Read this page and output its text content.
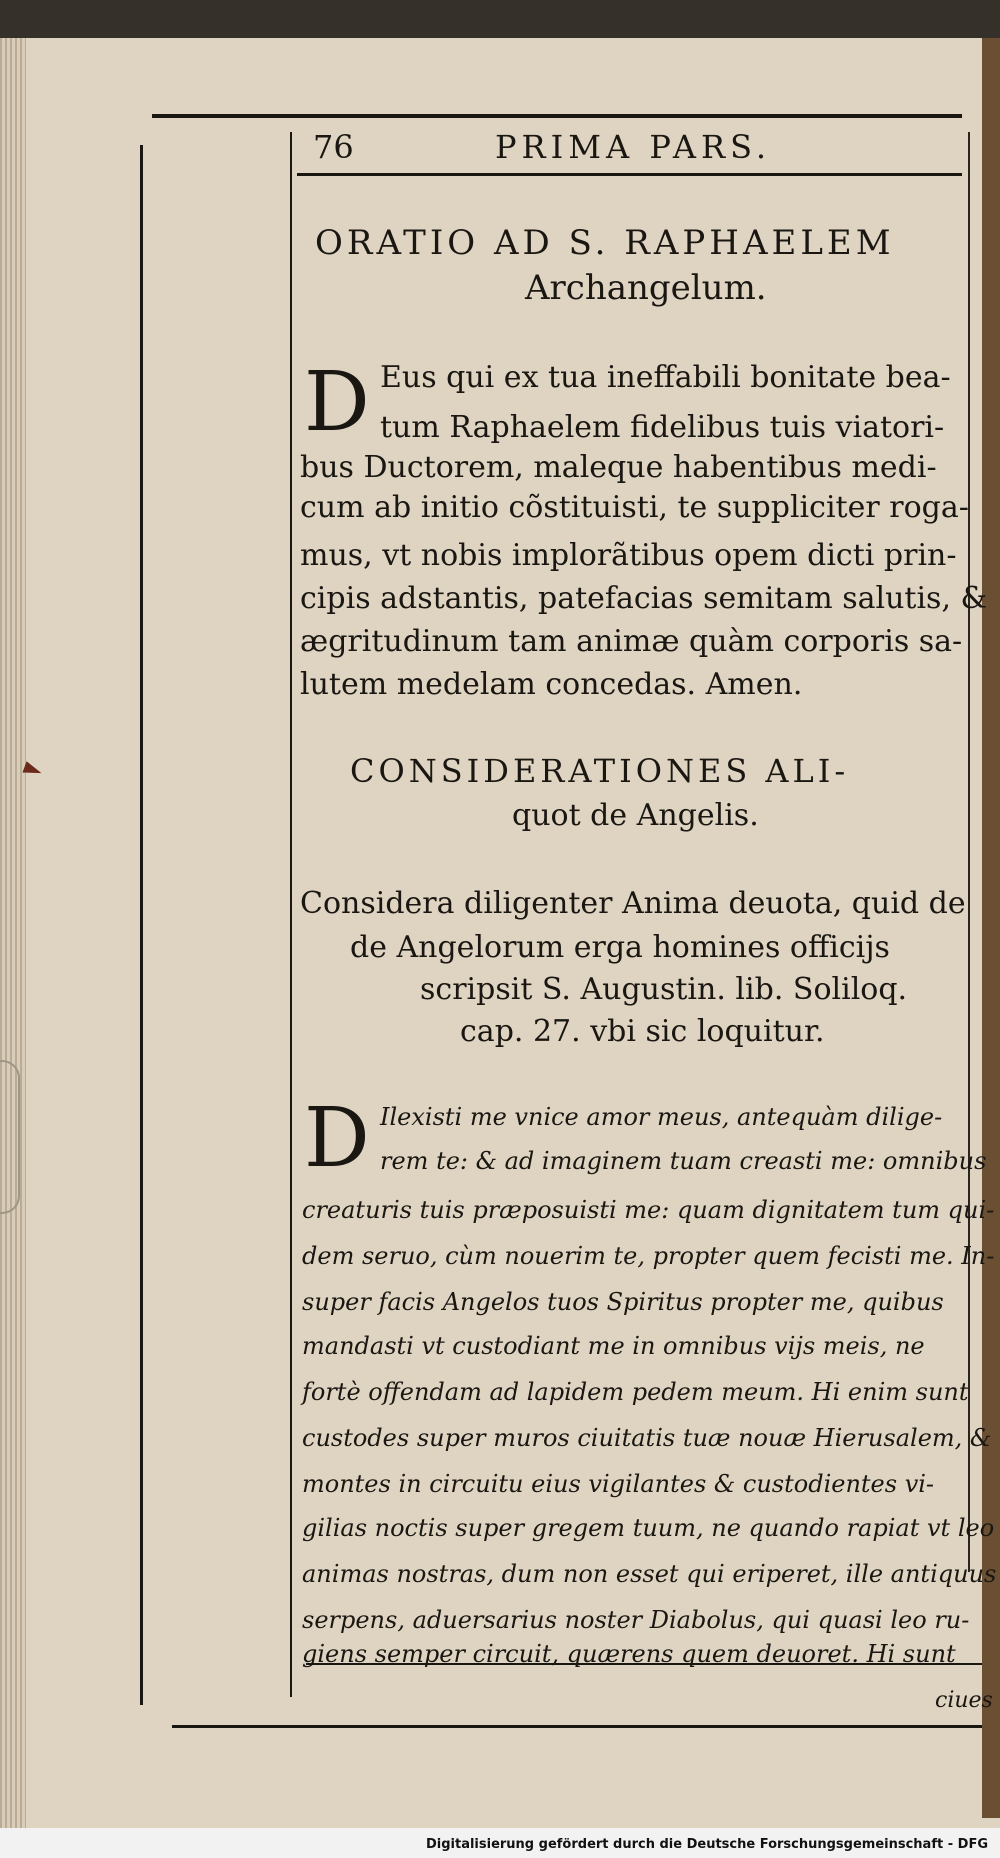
76	PRIMA PARS.
ORATIO AD S. RAPHAELEM
Archangelum.
D Eus qui ex tua ineffabili bonitate bea-
tum Raphaelem fidelibus tuis viatori-
bus Ductorem, maleque habentibus medi-
cum ab initio cõstituisti, te suppliciter roga-
mus, vt nobis implorãtibus opem dicti prin-
cipis adstantis, patefacias semitam salutis, &
ægritudinum tam animæ quàm corporis sa-
lutem medelam concedas. Amen.
CONSIDERATIONES ALI-
quot de Angelis.
Considera diligenter Anima deuota, quid de
de Angelorum erga homines officijs
scripsit S. Augustin. lib. Soliloq.
cap. 27. vbi sic loquitur.
D Ilexisti me vnice amor meus, antequàm dilige-
rem te: & ad imaginem tuam creasti me: omnibus
creaturis tuis præposuisti me: quam dignitatem tum qui-
dem seruo, cùm nouerim te, propter quem fecisti me. In-
super facis Angelos tuos Spiritus propter me, quibus
mandasti vt custodiant me in omnibus vijs meis, ne
fortè offendam ad lapidem pedem meum. Hi enim sunt
custodes super muros ciuitatis tuæ nouæ Hierusalem, &
montes in circuitu eius vigilantes & custodientes vi-
gilias noctis super gregem tuum, ne quando rapiat vt leo
animas nostras, dum non esset qui eriperet, ille antiquus
serpens, aduersarius noster Diabolus, qui quasi leo ru-
giens semper circuit, quærens quem deuoret. Hi sunt
ciues
Digitalisierung gefördert durch die Deutsche Forschungsgemeinschaft - DFG
